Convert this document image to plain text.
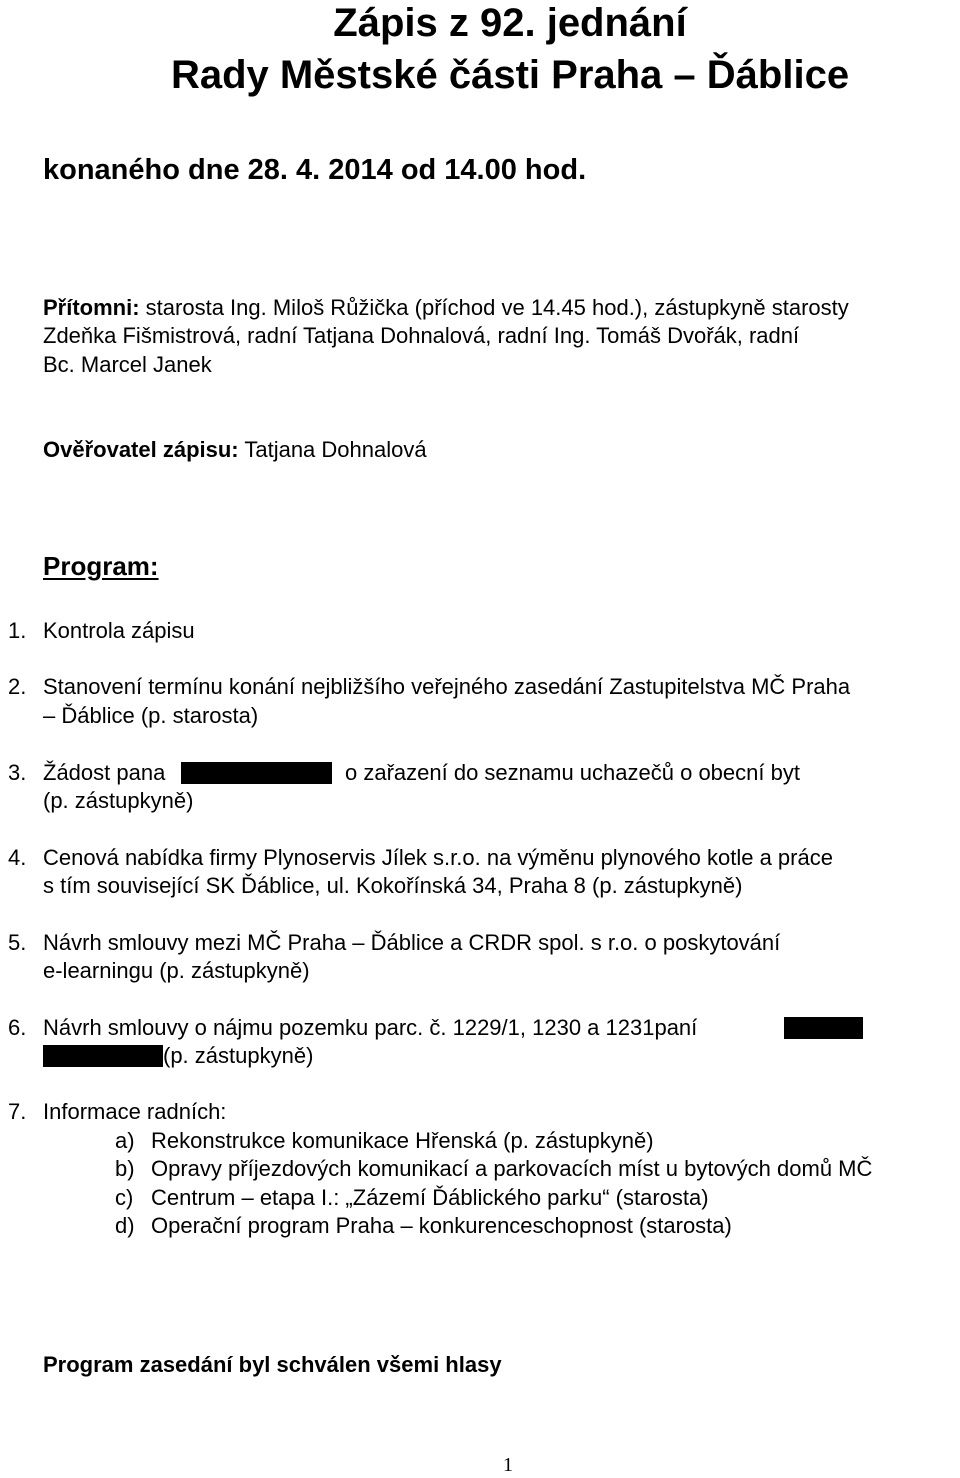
Zápis z 92. jednání
Rady Městské části Praha – Ďáblice
konaného dne 28. 4. 2014 od 14.00 hod.
Přítomni: starosta Ing. Miloš Růžička (příchod ve 14.45 hod.), zástupkyně starosty
Zdeňka Fišmistrová, radní Tatjana Dohnalová, radní Ing. Tomáš Dvořák, radní
Bc. Marcel Janek
Ověřovatel zápisu: Tatjana Dohnalová
Program:
1. Kontrola zápisu
2. Stanovení termínu konání nejbližšího veřejného zasedání Zastupitelstva MČ Praha
– Ďáblice (p. starosta)
3. Žádost pana	o zařazení do seznamu uchazečů o obecní byt
(p. zástupkyně)
4. Cenová nabídka firmy Plynoservis Jílek s.r.o. na výměnu plynového kotle a práce
s tím související SK Ďáblice, ul. Kokořínská 34, Praha 8 (p. zástupkyně)
5. Návrh smlouvy mezi MČ Praha – Ďáblice a CRDR spol. s r.o. o poskytování
e-learningu (p. zástupkyně)
6. Návrh smlouvy o nájmu pozemku parc. č. 1229/1, 1230 a 1231paní
(p. zástupkyně)
7. Informace radních:
a) Rekonstrukce komunikace Hřenská (p. zástupkyně)
b) Opravy příjezdových komunikací a parkovacích míst u bytových domů MČ
c) Centrum – etapa I.: „Zázemí Ďáblického parku“ (starosta)
d) Operační program Praha – konkurenceschopnost (starosta)
Program zasedání byl schválen všemi hlasy
1
